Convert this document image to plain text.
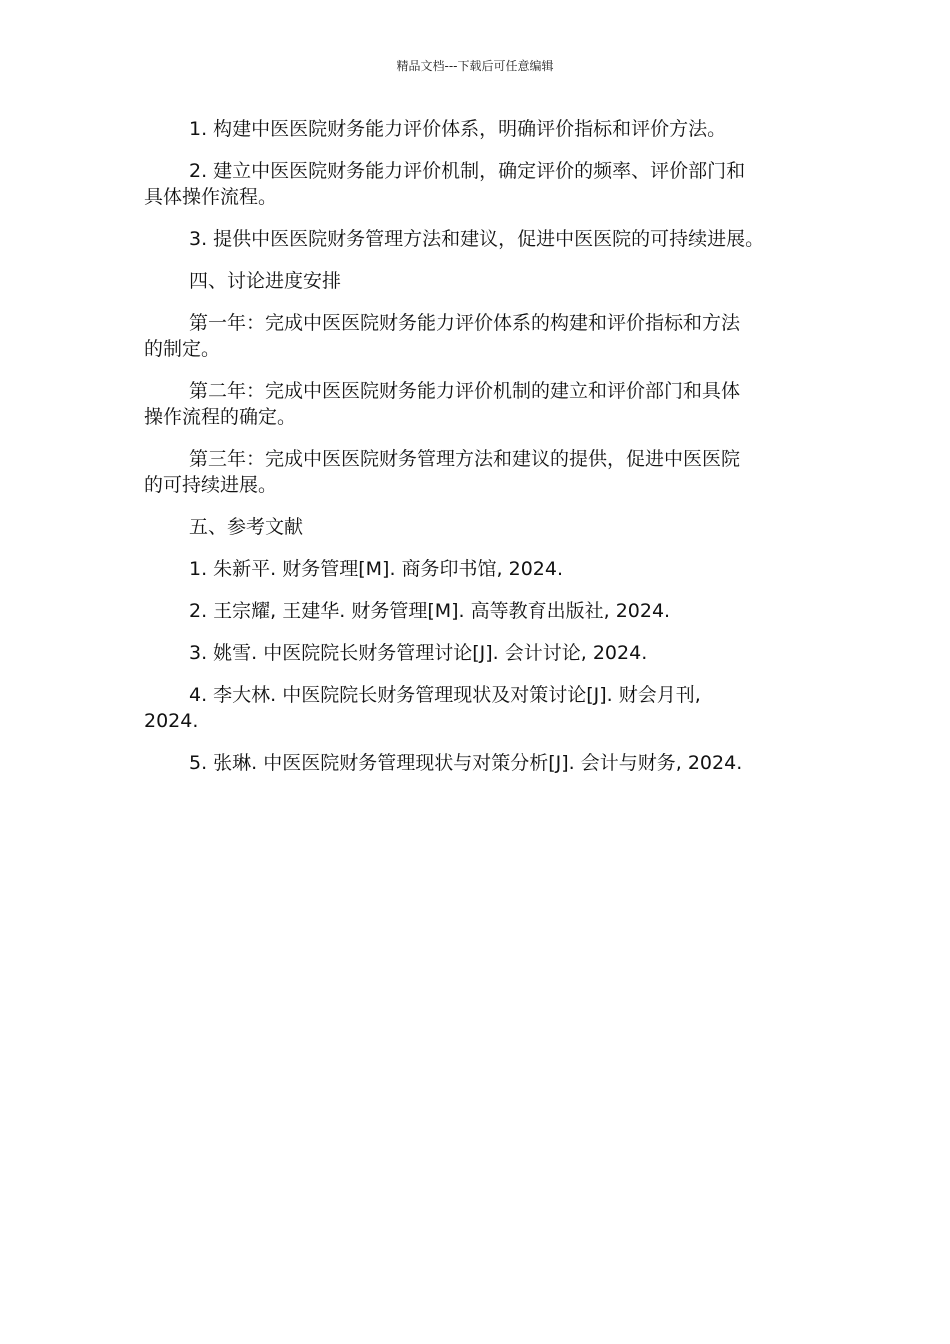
精品文档---下载后可任意编辑

1. 构建中医医院财务能力评价体系，明确评价指标和评价方法。

2. 建立中医医院财务能力评价机制，确定评价的频率、评价部门和
具体操作流程。

3. 提供中医医院财务管理方法和建议，促进中医医院的可持续进展。

四、讨论进度安排

第一年：完成中医医院财务能力评价体系的构建和评价指标和方法
的制定。

第二年：完成中医医院财务能力评价机制的建立和评价部门和具体
操作流程的确定。

第三年：完成中医医院财务管理方法和建议的提供，促进中医医院
的可持续进展。

五、参考文献

1. 朱新平. 财务管理[M]. 商务印书馆, 2024.

2. 王宗耀, 王建华. 财务管理[M]. 高等教育出版社, 2024.

3. 姚雪. 中医院院长财务管理讨论[J]. 会计讨论, 2024.

4. 李大林. 中医院院长财务管理现状及对策讨论[J]. 财会月刊,
2024.

5. 张琳. 中医医院财务管理现状与对策分析[J]. 会计与财务, 2024.
